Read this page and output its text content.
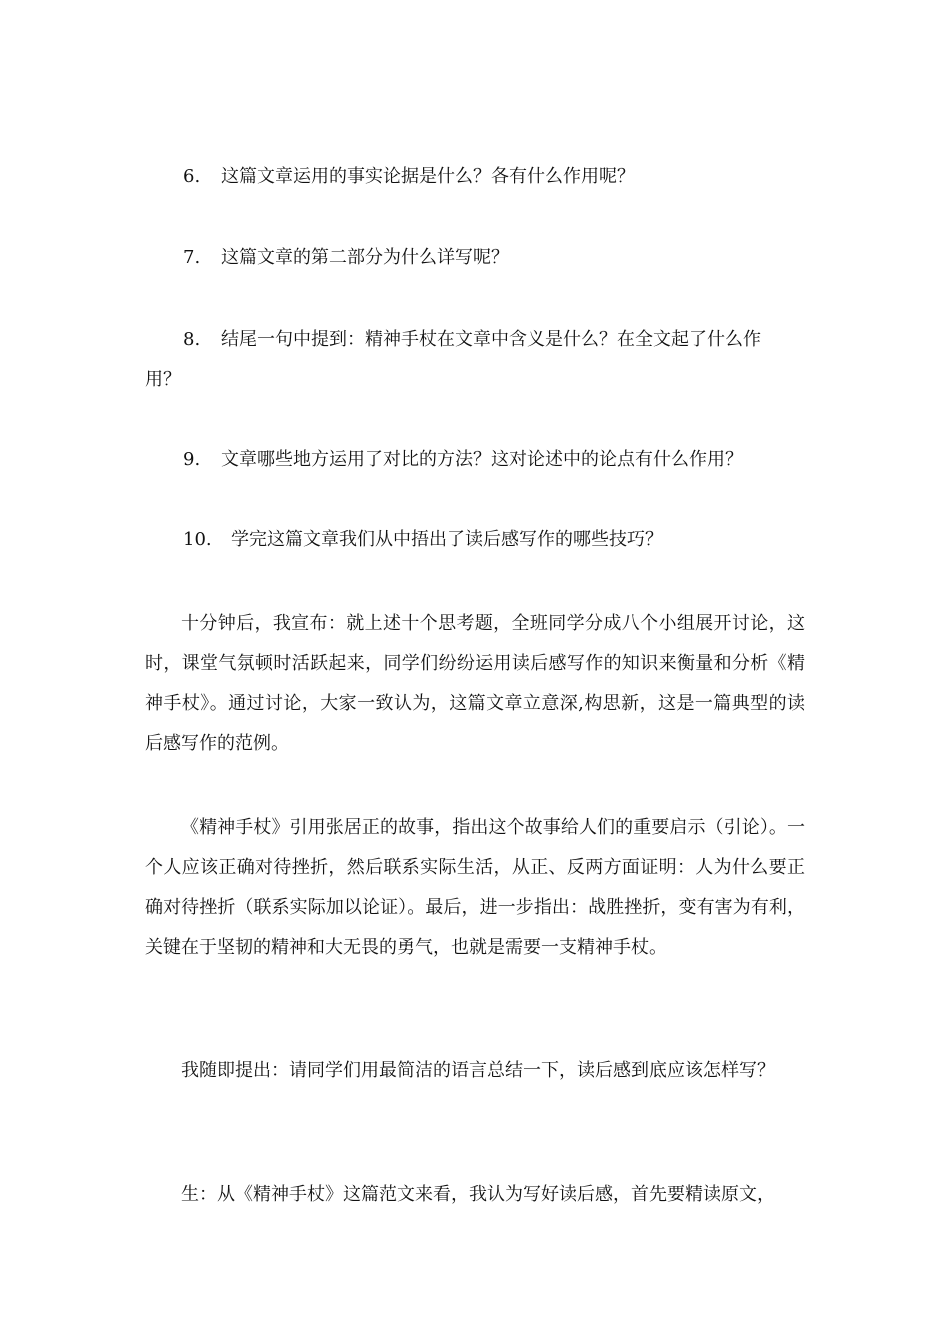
6. 这篇文章运用的事实论据是什么？各有什么作用呢？
7. 这篇文章的第二部分为什么详写呢？
8. 结尾一句中提到：精神手杖在文章中含义是什么？在全文起了什么作
用？
9. 文章哪些地方运用了对比的方法？这对论述中的论点有什么作用？
10. 学完这篇文章我们从中捂出了读后感写作的哪些技巧？
十分钟后，我宣布：就上述十个思考题，全班同学分成八个小组展开讨论，这时，课堂气氛顿时活跃起来，同学们纷纷运用读后感写作的知识来衡量和分析《精神手杖》。通过讨论，大家一致认为，这篇文章立意深,构思新，这是一篇典型的读后感写作的范例。
《精神手杖》引用张居正的故事，指出这个故事给人们的重要启示（引论）。一个人应该正确对待挫折，然后联系实际生活，从正、反两方面证明：人为什么要正确对待挫折（联系实际加以论证）。最后，进一步指出：战胜挫折，变有害为有利，关键在于坚韧的精神和大无畏的勇气，也就是需要一支精神手杖。
我随即提出：请同学们用最简洁的语言总结一下，读后感到底应该怎样写？
生：从《精神手杖》这篇范文来看，我认为写好读后感，首先要精读原文，
